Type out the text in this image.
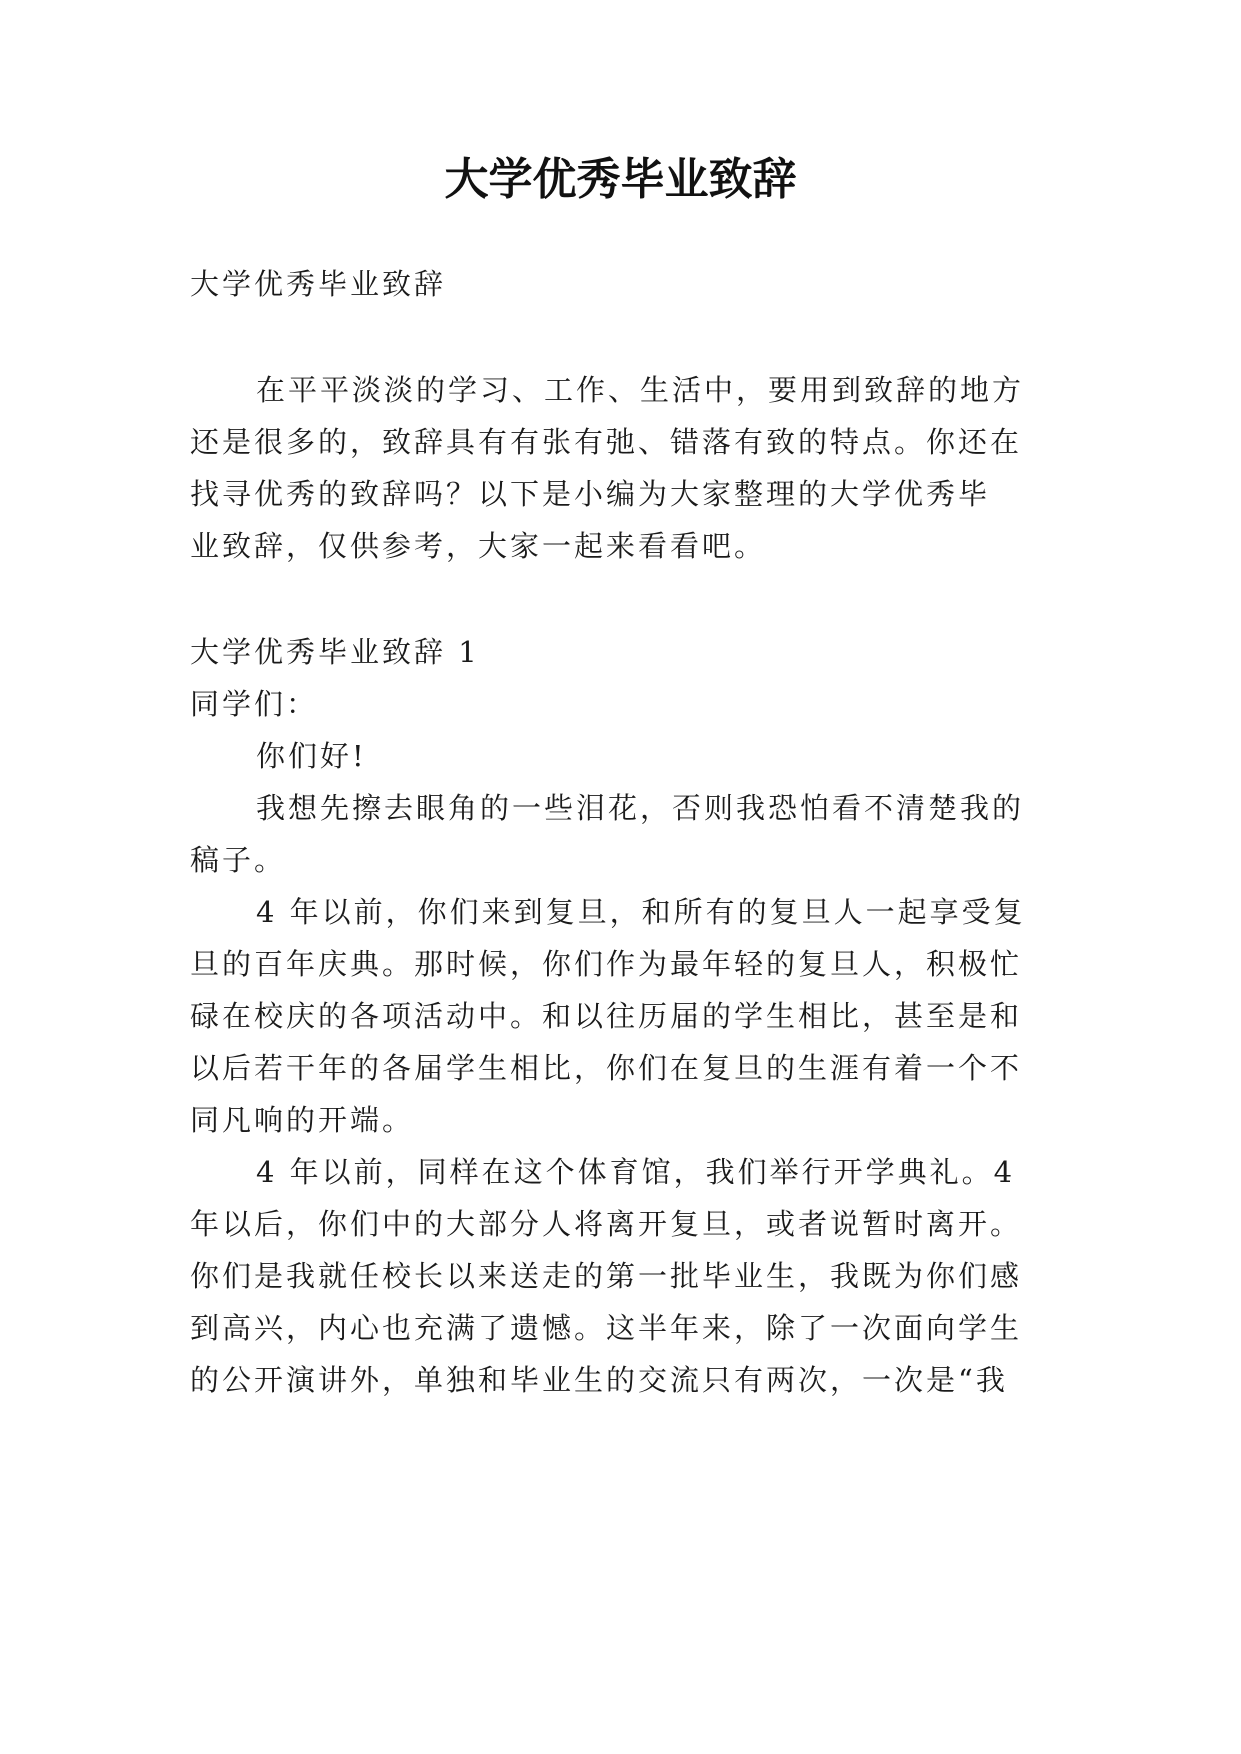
大学优秀毕业致辞

大学优秀毕业致辞

在平平淡淡的学习、工作、生活中，要用到致辞的地方

还是很多的，致辞具有有张有弛、错落有致的特点。你还在

找寻优秀的致辞吗？以下是小编为大家整理的大学优秀毕

业致辞，仅供参考，大家一起来看看吧。

大学优秀毕业致辞 1

同学们：

你们好!

我想先擦去眼角的一些泪花，否则我恐怕看不清楚我的

稿子。

4 年以前，你们来到复旦，和所有的复旦人一起享受复

旦的百年庆典。那时候，你们作为最年轻的复旦人，积极忙

碌在校庆的各项活动中。和以往历届的学生相比，甚至是和

以后若干年的各届学生相比，你们在复旦的生涯有着一个不

同凡响的开端。

4 年以前，同样在这个体育馆，我们举行开学典礼。4

年以后，你们中的大部分人将离开复旦，或者说暂时离开。

你们是我就任校长以来送走的第一批毕业生，我既为你们感

到高兴，内心也充满了遗憾。这半年来，除了一次面向学生

的公开演讲外，单独和毕业生的交流只有两次，一次是“我
